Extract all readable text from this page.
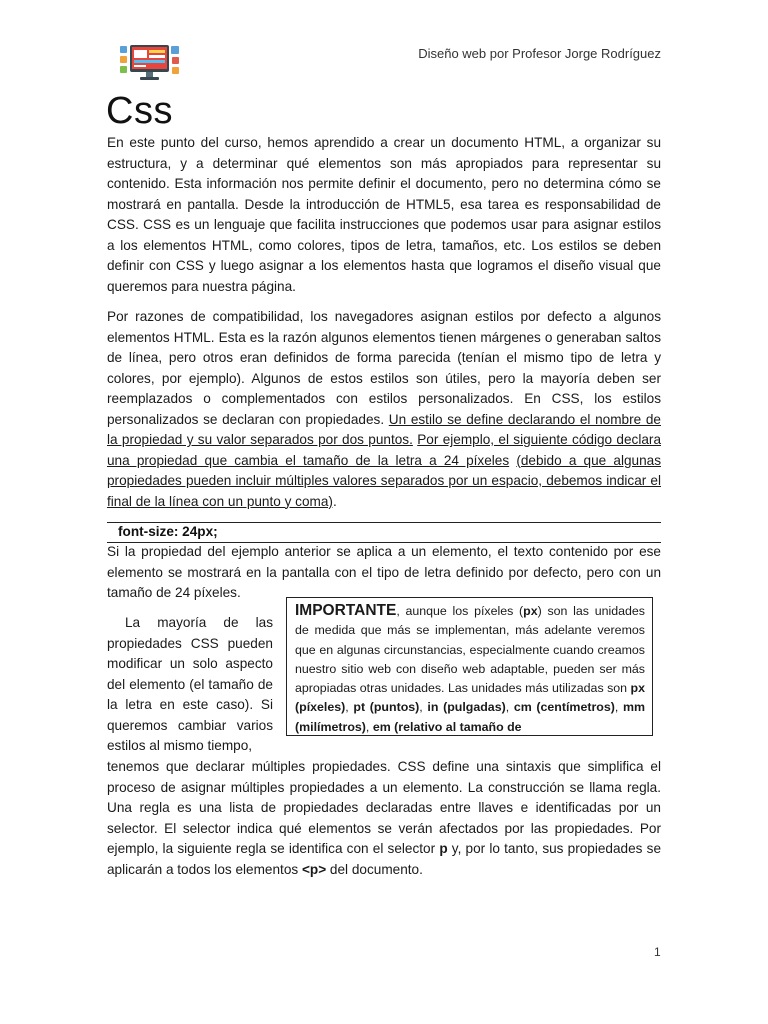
Diseño web por Profesor Jorge Rodríguez
Css

En este punto del curso, hemos aprendido a crear un documento HTML, a organizar su estructura, y a determinar qué elementos son más apropiados para representar su contenido. Esta información nos permite definir el documento, pero no determina cómo se mostrará en pantalla. Desde la introducción de HTML5, esa tarea es responsabilidad de CSS. CSS es un lenguaje que facilita instrucciones que podemos usar para asignar estilos a los elementos HTML, como colores, tipos de letra, tamaños, etc. Los estilos se deben definir con CSS y luego asignar a los elementos hasta que logramos el diseño visual que queremos para nuestra página.

Por razones de compatibilidad, los navegadores asignan estilos por defecto a algunos elementos HTML. Esta es la razón algunos elementos tienen márgenes o generaban saltos de línea, pero otros eran definidos de forma parecida (tenían el mismo tipo de letra y colores, por ejemplo). Algunos de estos estilos son útiles, pero la mayoría deben ser reemplazados o complementados con estilos personalizados. En CSS, los estilos personalizados se declaran con propiedades. Un estilo se define declarando el nombre de la propiedad y su valor separados por dos puntos. Por ejemplo, el siguiente código declara una propiedad que cambia el tamaño de la letra a 24 píxeles (debido a que algunas propiedades pueden incluir múltiples valores separados por un espacio, debemos indicar el final de la línea con un punto y coma).

font-size: 24px;

Si la propiedad del ejemplo anterior se aplica a un elemento, el texto contenido por ese elemento se mostrará en la pantalla con el tipo de letra definido por defecto, pero con un tamaño de 24 píxeles.

La mayoría de las propiedades CSS pueden modificar un solo aspecto del elemento (el tamaño de la letra en este caso). Si queremos cambiar varios estilos al mismo tiempo,

IMPORTANTE, aunque los píxeles (px) son las unidades de medida que más se implementan, más adelante veremos que en algunas circunstancias, especialmente cuando creamos nuestro sitio web con diseño web adaptable, pueden ser más apropiadas otras unidades. Las unidades más utilizadas son px (píxeles), pt (puntos), in (pulgadas), cm (centímetros), mm (milímetros), em (relativo al tamaño de

tenemos que declarar múltiples propiedades. CSS define una sintaxis que simplifica el proceso de asignar múltiples propiedades a un elemento. La construcción se llama regla. Una regla es una lista de propiedades declaradas entre llaves e identificadas por un selector. El selector indica qué elementos se verán afectados por las propiedades. Por ejemplo, la siguiente regla se identifica con el selector p y, por lo tanto, sus propiedades se aplicarán a todos los elementos <p> del documento.

1
